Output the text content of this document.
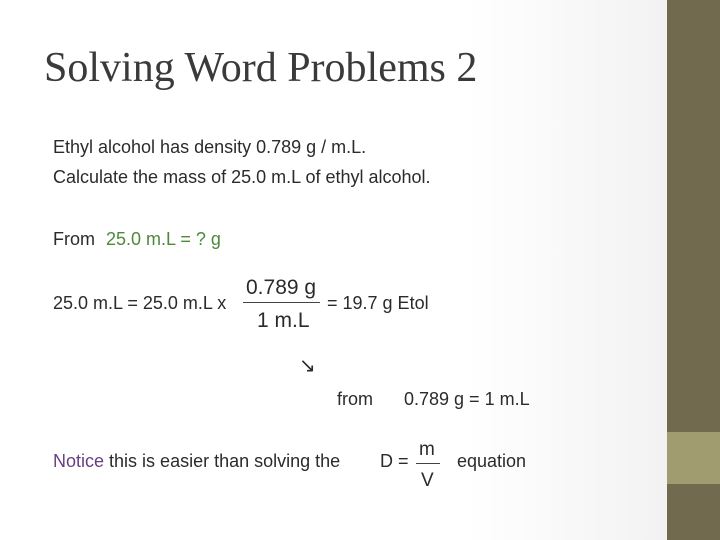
Solving Word Problems 2
Ethyl alcohol has density 0.789 g / m.L.
Calculate the mass of 25.0 m.L of ethyl alcohol.
From 25.0 m.L = ? g
25.0 m.L = 25.0 m.L x
0.789 g
1 m.L
= 19.7 g Etol
↘
from 0.789 g = 1 m.L
Notice this is easier than solving the D =
m
V
equation
